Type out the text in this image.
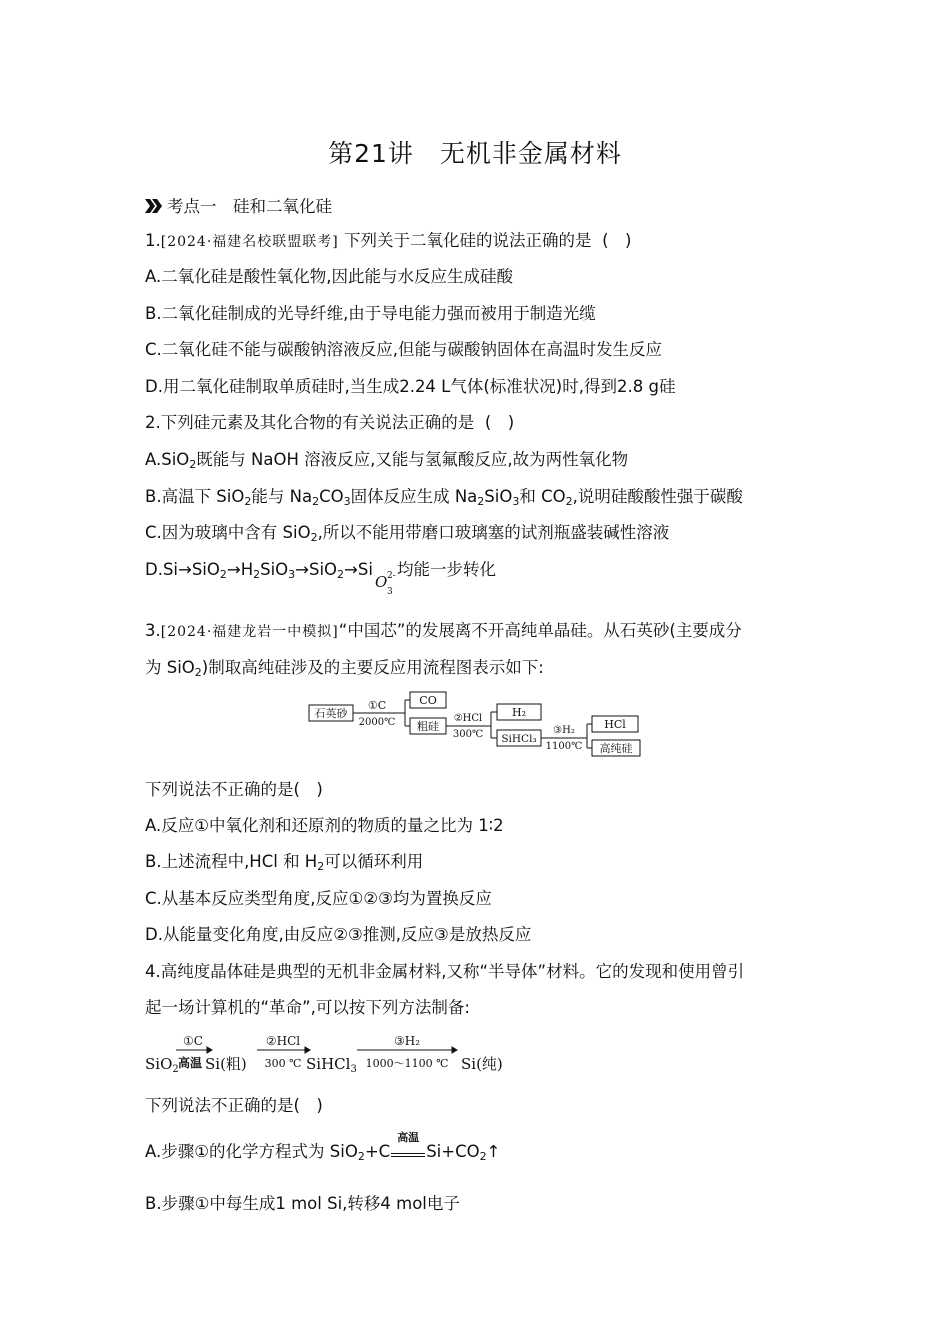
第21讲　无机非金属材料
考点一　硅和二氧化硅
1.[2024·福建名校联盟联考] 下列关于二氧化硅的说法正确的是 (　)
A.二氧化硅是酸性氧化物,因此能与水反应生成硅酸
B.二氧化硅制成的光导纤维,由于导电能力强而被用于制造光缆
C.二氧化硅不能与碳酸钠溶液反应,但能与碳酸钠固体在高温时发生反应
D.用二氧化硅制取单质硅时,当生成2.24 L气体(标准状况)时,得到2.8 g硅
2.下列硅元素及其化合物的有关说法正确的是 (　)
A.SiO$_2$既能与 NaOH 溶液反应,又能与氢氟酸反应,故为两性氧化物
B.高温下 SiO$_2$能与 $Na_2CO_3$固体反应生成 $Na_2SiO_3$和 $CO_2$,说明硅酸酸性强于碳酸
C.因为玻璃中含有 SiO$_2$,所以不能用带磨口玻璃塞的试剂瓶盛装碱性溶液
$D.Si\to SiO_2\to H_2SiO_3\to SiO_2\to Si$
O
3
2- 均能一步转化
3.[2024·福建龙岩一中模拟]“中国芯”的发展离不开高纯单晶硅。从石英砂(主要成分
为 SiO$_2$)制取高纯硅涉及的主要反应用流程图表示如下:
石英砂
①C
2000℃
CO
粗硅
②HCl
300℃
H₂
SiHCl₃
③H₂
1100℃
HCl
高纯硅
下列说法不正确的是(　)
A.反应①中氧化剂和还原剂的物质的量之比为 1∶2
B.上述流程中,HCl 和 $H_2$可以循环利用
C.从基本反应类型角度,反应①②③均为置换反应
D.从能量变化角度,由反应②③推测,反应③是放热反应
4.高纯度晶体硅是典型的无机非金属材料,又称“半导体”材料。它的发现和使用曾引
起一场计算机的“革命”,可以按下列方法制备:
①C	②HCl
300 ℃
③H₂
1000～1100 ℃
SiO$_2$ 高温 Si(粗)	SiHCl$_3$	Si(纯)
下列说法不正确的是(　)
A.步骤①的化学方程式为 SiO$_2$+C
高温
$Si+CO_2↑$
B.步骤①中每生成1 mol Si,转移4 mol电子
